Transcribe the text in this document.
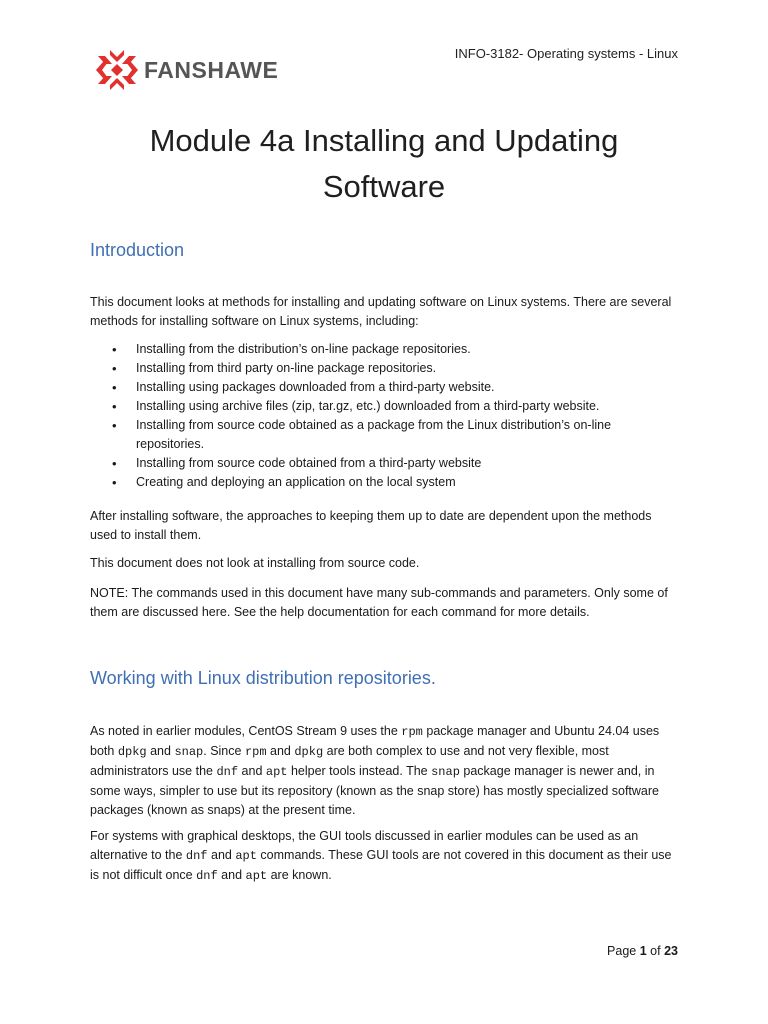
FANSHAWE
INFO-3182- Operating systems - Linux
Module 4a Installing and Updating
Software
Introduction

This document looks at methods for installing and updating software on Linux systems. There are several methods for installing software on Linux systems, including:

• Installing from the distribution’s on-line package repositories.
• Installing from third party on-line package repositories.
• Installing using packages downloaded from a third-party website.
• Installing using archive files (zip, tar.gz, etc.) downloaded from a third-party website.
• Installing from source code obtained as a package from the Linux distribution’s on-line repositories.
• Installing from source code obtained from a third-party website
• Creating and deploying an application on the local system

After installing software, the approaches to keeping them up to date are dependent upon the methods used to install them.

This document does not look at installing from source code.

NOTE: The commands used in this document have many sub-commands and parameters. Only some of them are discussed here. See the help documentation for each command for more details.

Working with Linux distribution repositories.

As noted in earlier modules, CentOS Stream 9 uses the rpm package manager and Ubuntu 24.04 uses both dpkg and snap. Since rpm and dpkg are both complex to use and not very flexible, most administrators use the dnf and apt helper tools instead. The snap package manager is newer and, in some ways, simpler to use but its repository (known as the snap store) has mostly specialized software packages (known as snaps) at the present time.

For systems with graphical desktops, the GUI tools discussed in earlier modules can be used as an alternative to the dnf and apt commands. These GUI tools are not covered in this document as their use is not difficult once dnf and apt are known.

Page 1 of 23
